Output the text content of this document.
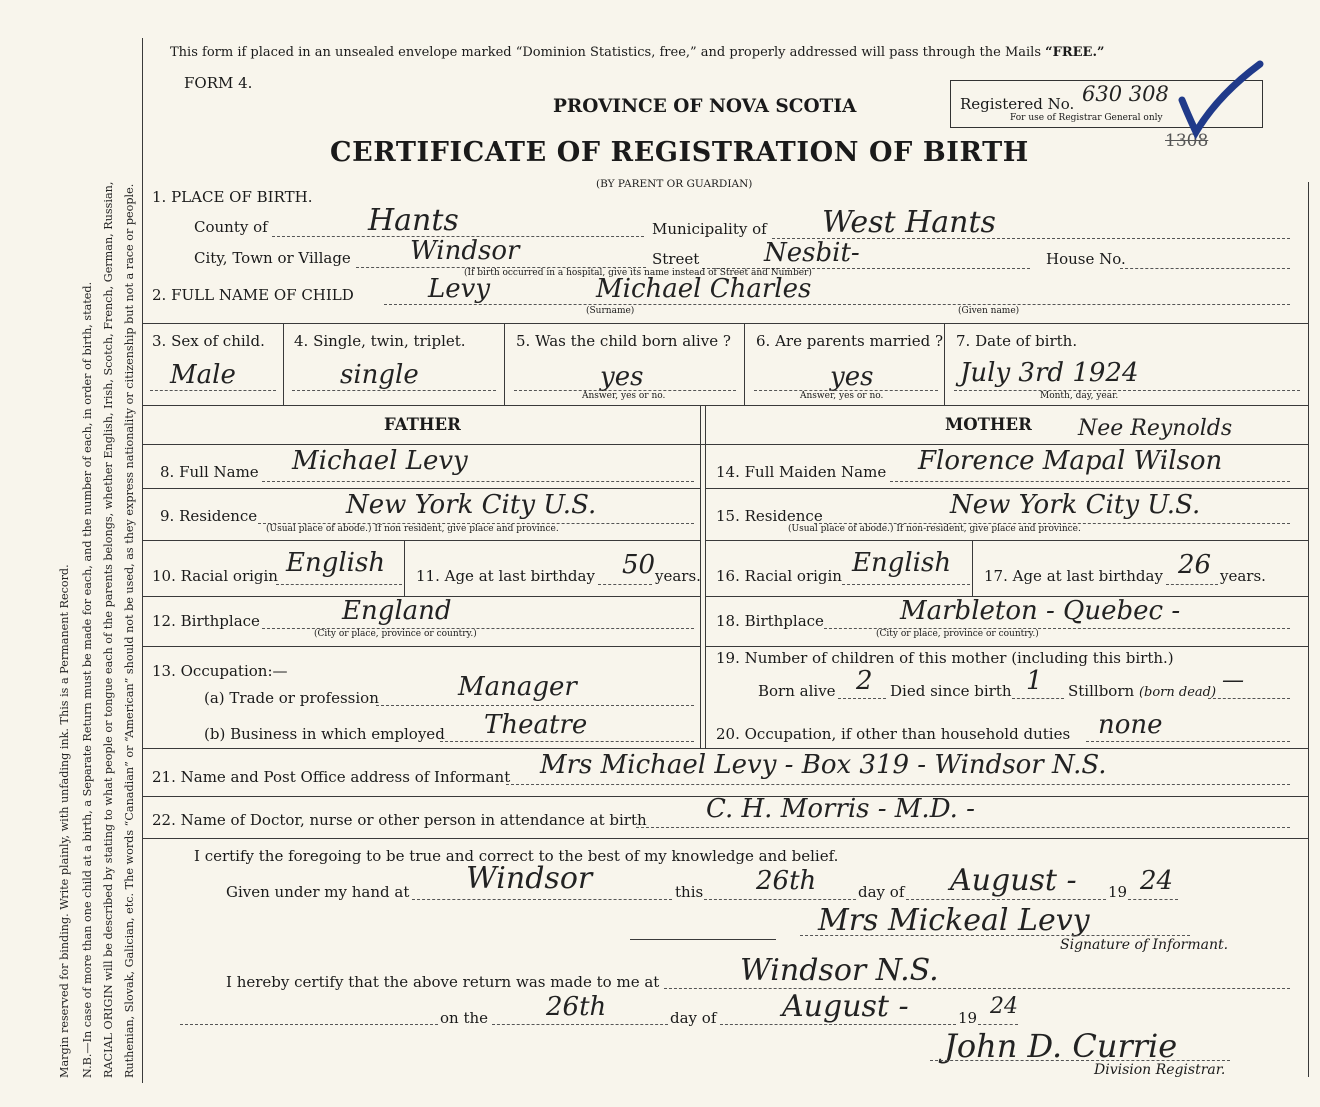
Margin reserved for binding. Write plainly, with unfading ink. This is a Permanent Record. N.B.—In case of more than one child at a birth, a Separate Return must be made for each, and the number of each, in order of birth, stated. RACIAL ORIGIN will be described by stating to what people or tongue each of the parents belongs, whether English, Irish, Scotch, French, German, Russian, Ruthenian, Slovak, Galician, etc. The words “Canadian” or “American” should not be used, as they express nationality or citizenship but not a race or people.
This form if placed in an unsealed envelope marked “Dominion Statistics, free,” and properly addressed will pass through the Mails “FREE.”
FORM 4.
PROVINCE OF NOVA SCOTIA
CERTIFICATE OF REGISTRATION OF BIRTH
(BY PARENT OR GUARDIAN)
Registered No. 630 308
For use of Registrar General only
1308
1. PLACE OF BIRTH.
County of	Hants	Municipality of West Hants
City, Town or Village Windsor	Street Nesbit-	House No.
(If birth occurred in a hospital, give its name instead of Street and Number)
2. FULL NAME OF CHILD	Levy	Michael Charles
(Surname)	(Given name)
3. Sex of child.
Male
4. Single, twin, triplet.
single
5. Was the child born alive ?
yes
Answer, yes or no.
6. Are parents married ?
yes
Answer, yes or no.
7. Date of birth.
July 3rd 1924
Month, day, year.
FATHER	MOTHER Nee Reynolds
8. Full Name Michael Levy
9. Residence	New York City U.S.
(Usual place of abode.) If non resident, give place and province.
10. Racial origin English 11. Age at last birthday 50 years.
12. Birthplace	England
(City or place, province or country.)
13. Occupation:—
(a) Trade or profession	Manager
(b) Business in which employed Theatre
14. Full Maiden Name Florence Mapal Wilson
15. Residence	New York City U.S.
(Usual place of abode.) If non-resident, give place and province.
16. Racial origin English 17. Age at last birthday 26 years.
18. Birthplace	Marbleton - Quebec -
(City or place, province or country.)
19. Number of children of this mother (including this birth.)
Born alive 2 Died since birth 1 Stillborn (born dead) —
20. Occupation, if other than household duties none
21. Name and Post Office address of Informant Mrs Michael Levy - Box 319 - Windsor N.S.
22. Name of Doctor, nurse or other person in attendance at birth C. H. Morris - M.D. -
I certify the foregoing to be true and correct to the best of my knowledge and belief.
Given under my hand at Windsor	this 26th	day of August - 19 24
Mrs Mickeal Levy
Signature of Informant.
I hereby certify that the above return was made to me at	Windsor N.S.
on the 26th	day of August -	19 24
John D. Currie
Division Registrar.
